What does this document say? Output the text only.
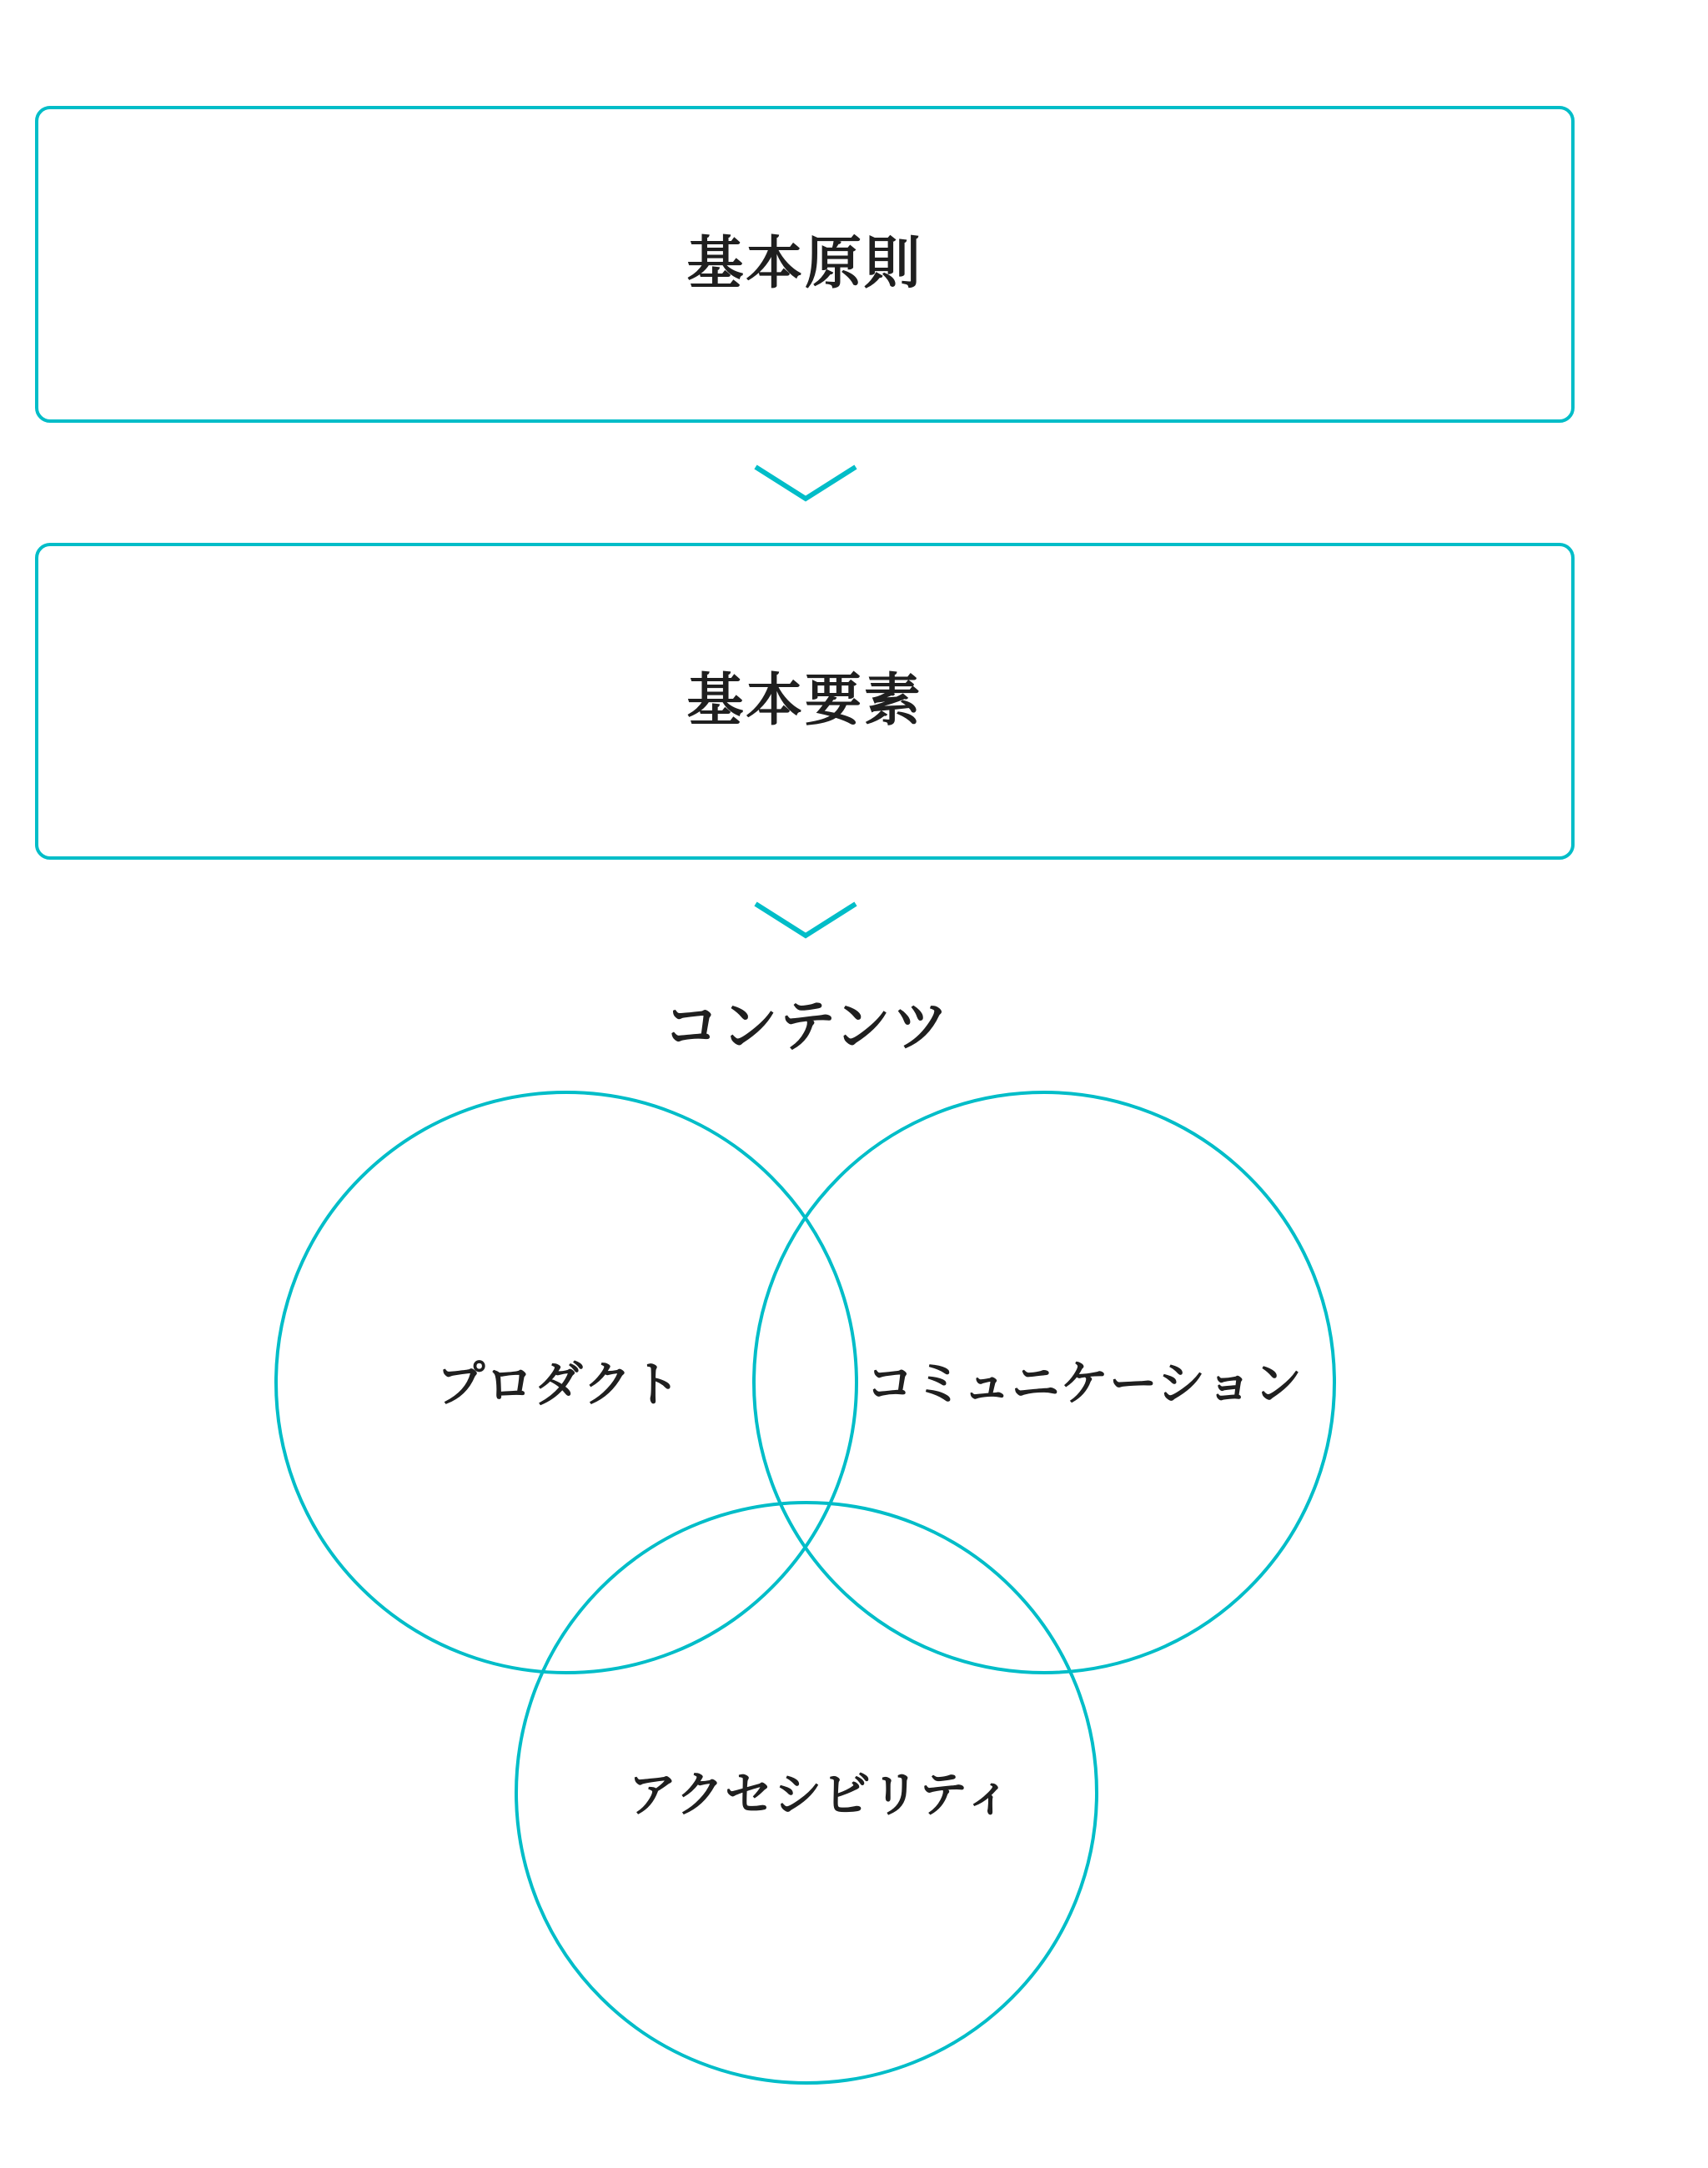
基本原則
基本要素
コンテンツ
プロダクト	コミュニケーション
アクセシビリティ
